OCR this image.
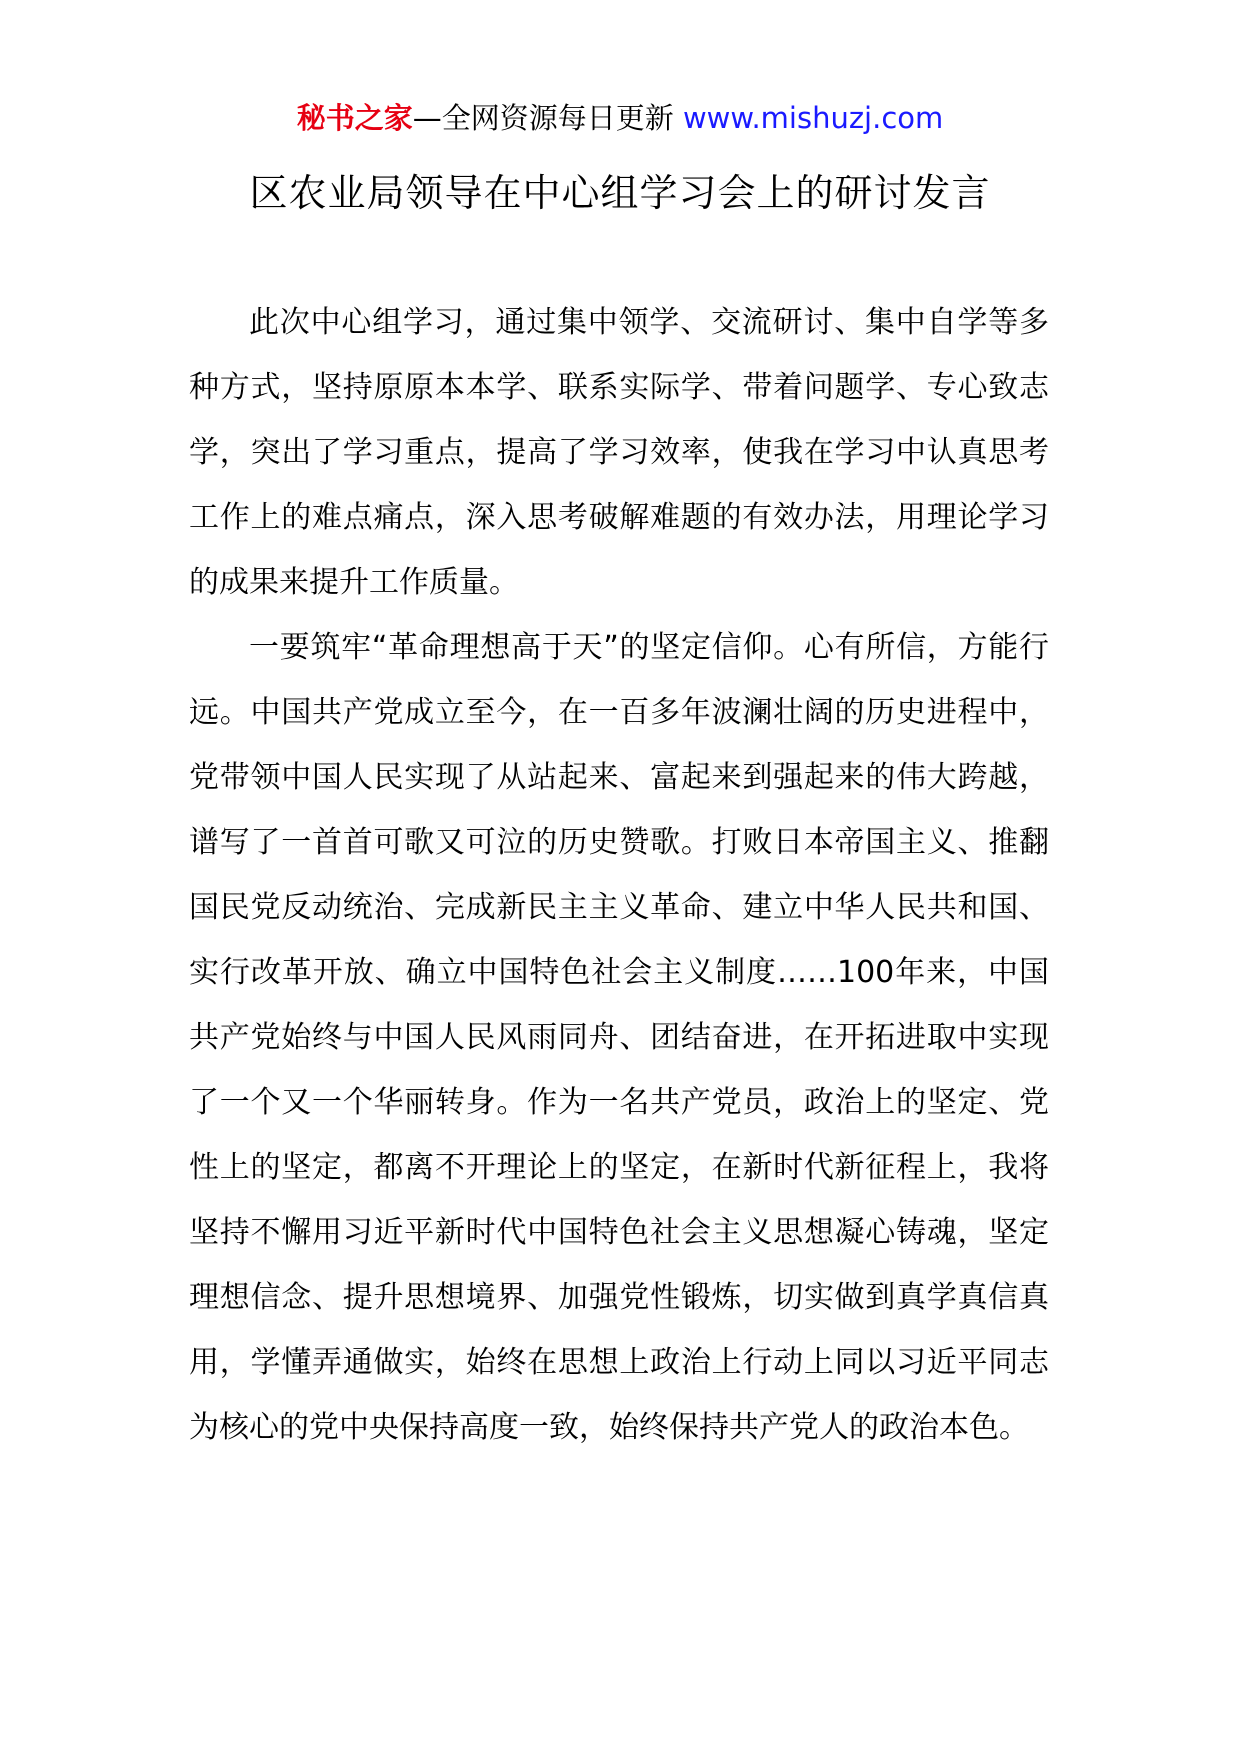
秘书之家—全网资源每日更新 www.mishuzj.com
区农业局领导在中心组学习会上的研讨发言

此次中心组学习，通过集中领学、交流研讨、集中自学等多种方式，坚持原原本本学、联系实际学、带着问题学、专心致志学，突出了学习重点，提高了学习效率，使我在学习中认真思考工作上的难点痛点，深入思考破解难题的有效办法，用理论学习的成果来提升工作质量。

一要筑牢“革命理想高于天”的坚定信仰。心有所信，方能行远。中国共产党成立至今，在一百多年波澜壮阔的历史进程中，党带领中国人民实现了从站起来、富起来到强起来的伟大跨越，谱写了一首首可歌又可泣的历史赞歌。打败日本帝国主义、推翻国民党反动统治、完成新民主主义革命、建立中华人民共和国、实行改革开放、确立中国特色社会主义制度……100年来，中国共产党始终与中国人民风雨同舟、团结奋进，在开拓进取中实现了一个又一个华丽转身。作为一名共产党员，政治上的坚定、党性上的坚定，都离不开理论上的坚定，在新时代新征程上，我将坚持不懈用习近平新时代中国特色社会主义思想凝心铸魂，坚定理想信念、提升思想境界、加强党性锻炼，切实做到真学真信真用，学懂弄通做实，始终在思想上政治上行动上同以习近平同志为核心的党中央保持高度一致，始终保持共产党人的政治本色。
